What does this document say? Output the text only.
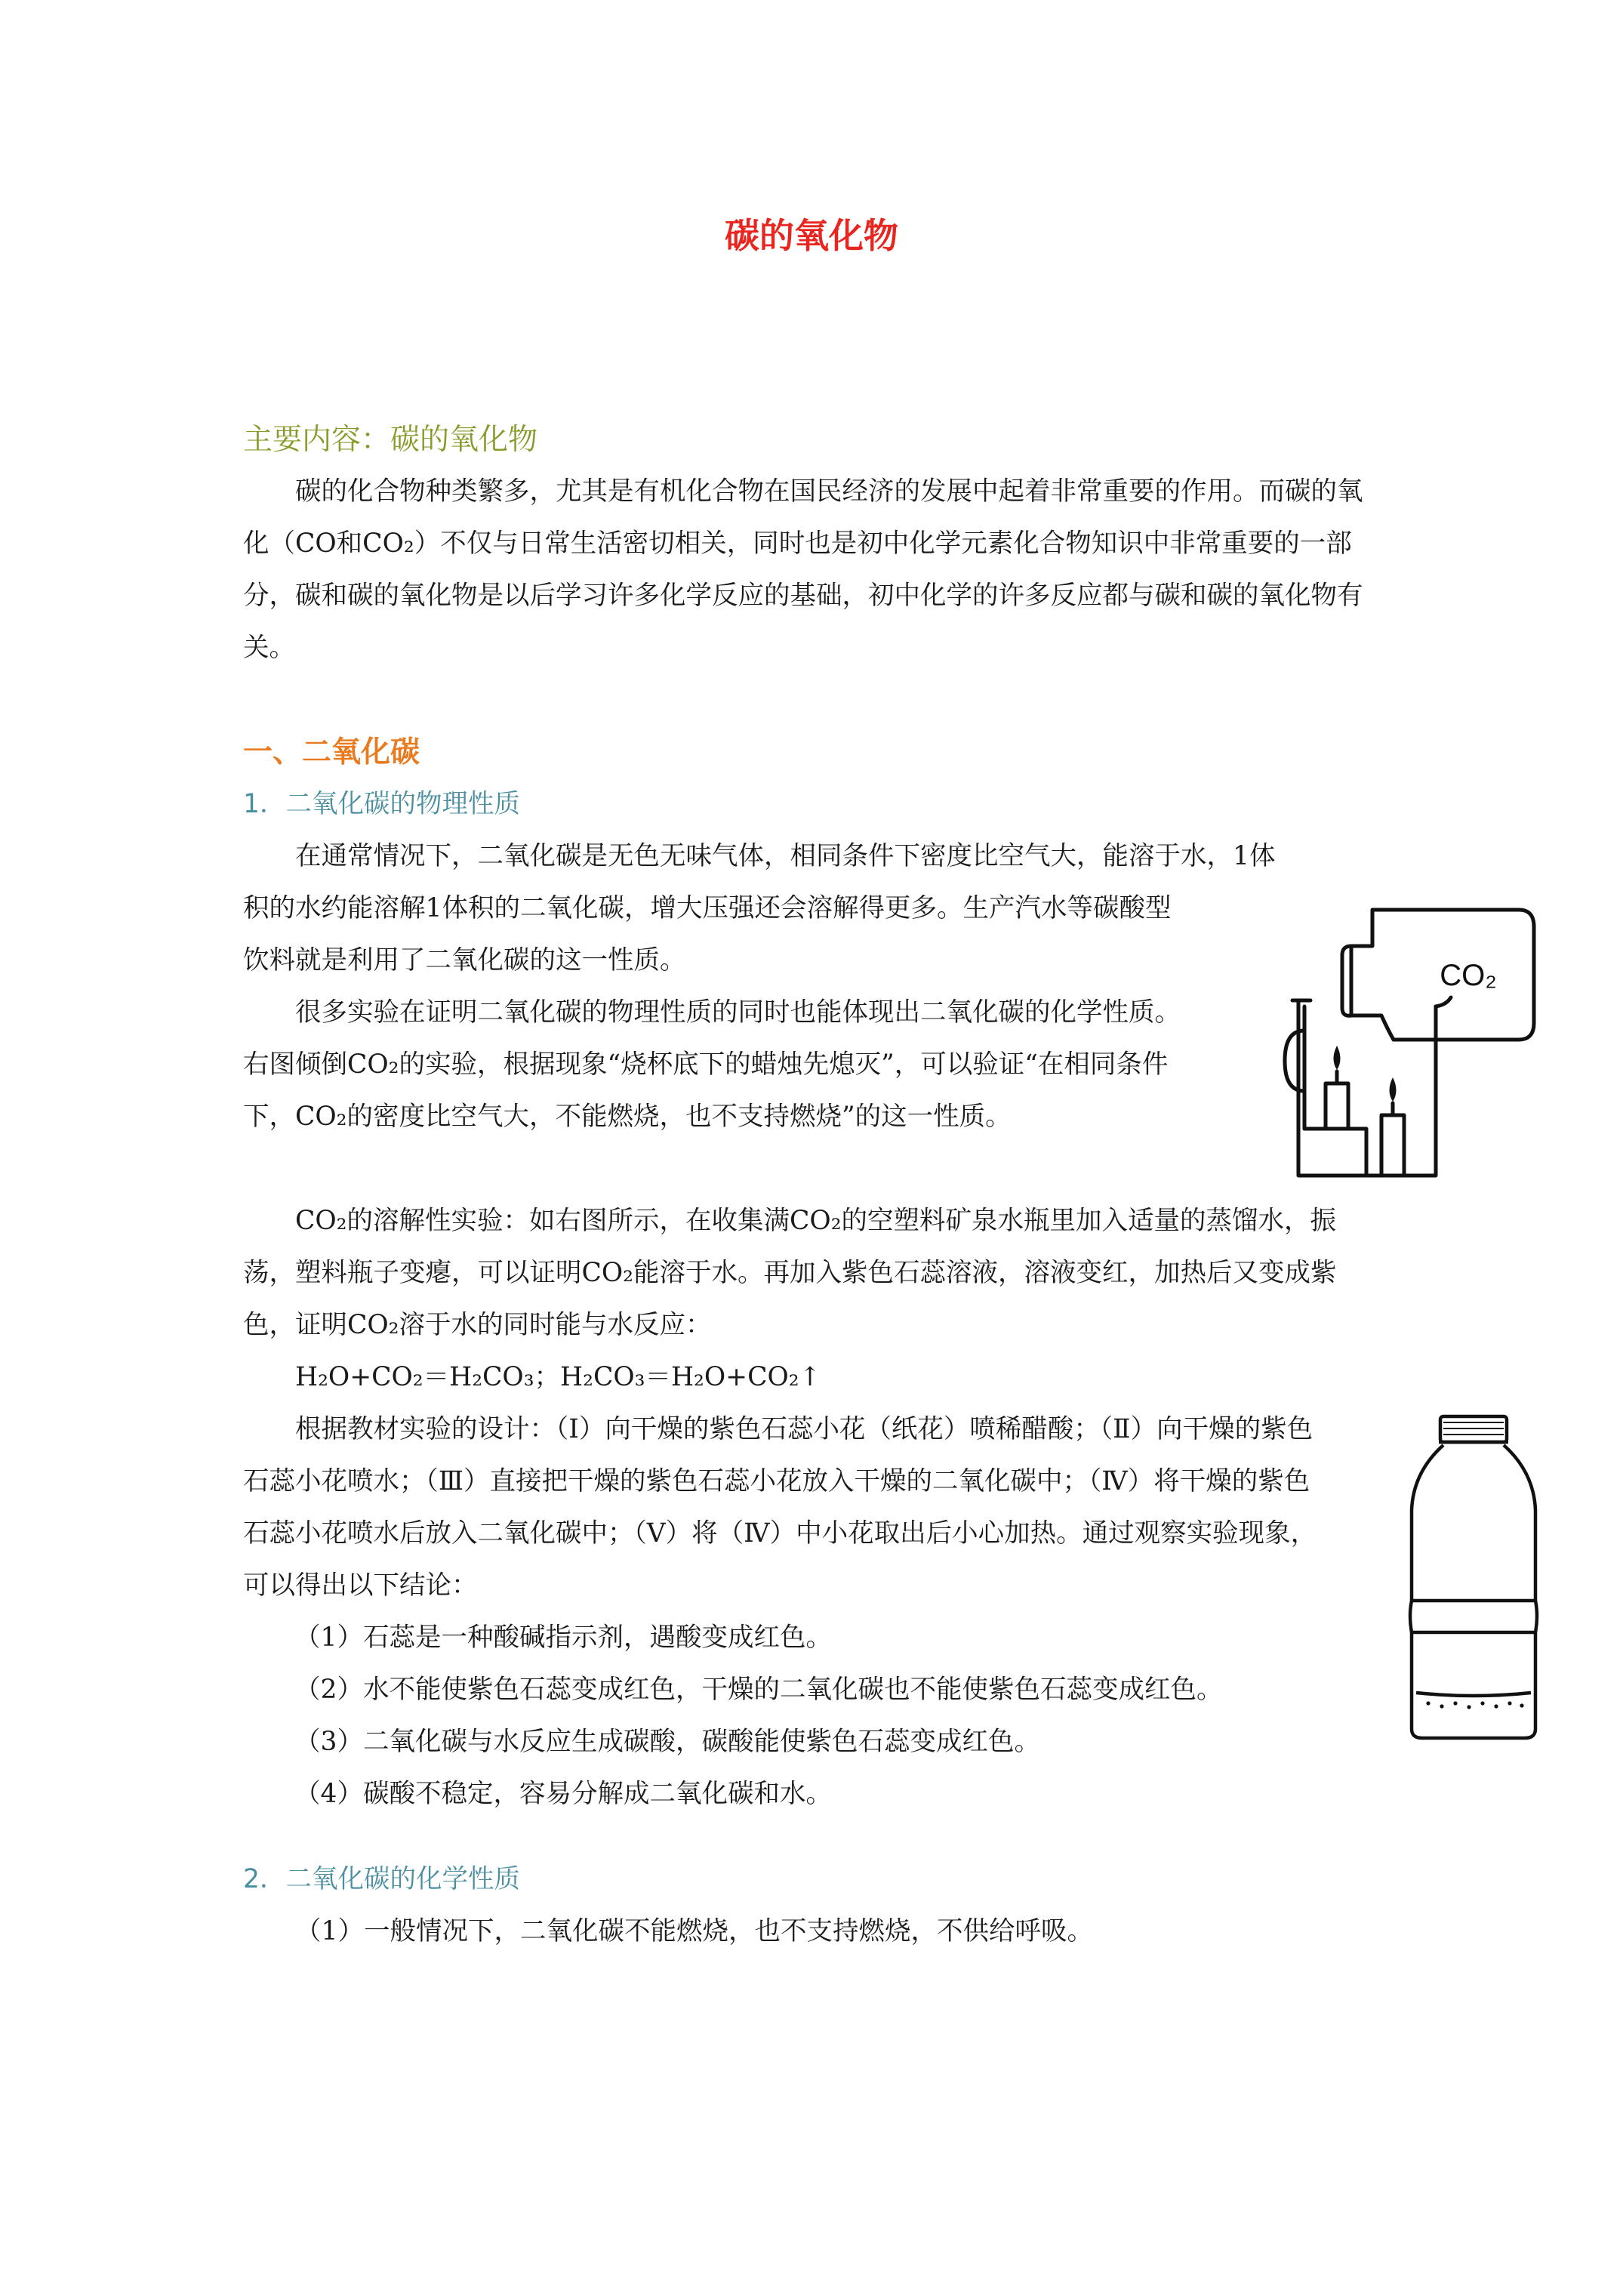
碳的氧化物

主要内容：碳的氧化物

碳的化合物种类繁多，尤其是有机化合物在国民经济的发展中起着非常重要的作用。而碳的氧化（CO和CO₂）不仅与日常生活密切相关，同时也是初中化学元素化合物知识中非常重要的一部分，碳和碳的氧化物是以后学习许多化学反应的基础，初中化学的许多反应都与碳和碳的氧化物有关。

一、二氧化碳

1．二氧化碳的物理性质

在通常情况下，二氧化碳是无色无味气体，相同条件下密度比空气大，能溶于水，1体

积的水约能溶解1体积的二氧化碳，增大压强还会溶解得更多。生产汽水等碳酸型饮料就是利用了二氧化碳的这一性质。

很多实验在证明二氧化碳的物理性质的同时也能体现出二氧化碳的化学性质。右图倾倒CO₂的实验，根据现象“烧杯底下的蜡烛先熄灭”，可以验证“在相同条件下，CO₂的密度比空气大，不能燃烧，也不支持燃烧”的这一性质。

CO₂的溶解性实验：如右图所示，在收集满CO₂的空塑料矿泉水瓶里加入适量的蒸馏水，振荡，塑料瓶子变瘪，可以证明CO₂能溶于水。再加入紫色石蕊溶液，溶液变红，加热后又变成紫色，证明CO₂溶于水的同时能与水反应：

H₂O+CO₂＝H₂CO₃；H₂CO₃＝H₂O+CO₂↑

根据教材实验的设计：（Ⅰ）向干燥的紫色石蕊小花（纸花）喷稀醋酸；（Ⅱ）向干燥的紫色石蕊小花喷水；（Ⅲ）直接把干燥的紫色石蕊小花放入干燥的二氧化碳中；（Ⅳ）将干燥的紫色石蕊小花喷水后放入二氧化碳中；（Ⅴ）将（Ⅳ）中小花取出后小心加热。通过观察实验现象，可以得出以下结论：

（1）石蕊是一种酸碱指示剂，遇酸变成红色。

（2）水不能使紫色石蕊变成红色，干燥的二氧化碳也不能使紫色石蕊变成红色。

（3）二氧化碳与水反应生成碳酸，碳酸能使紫色石蕊变成红色。

（4）碳酸不稳定，容易分解成二氧化碳和水。

2．二氧化碳的化学性质

（1）一般情况下，二氧化碳不能燃烧，也不支持燃烧，不供给呼吸。

CO₂
